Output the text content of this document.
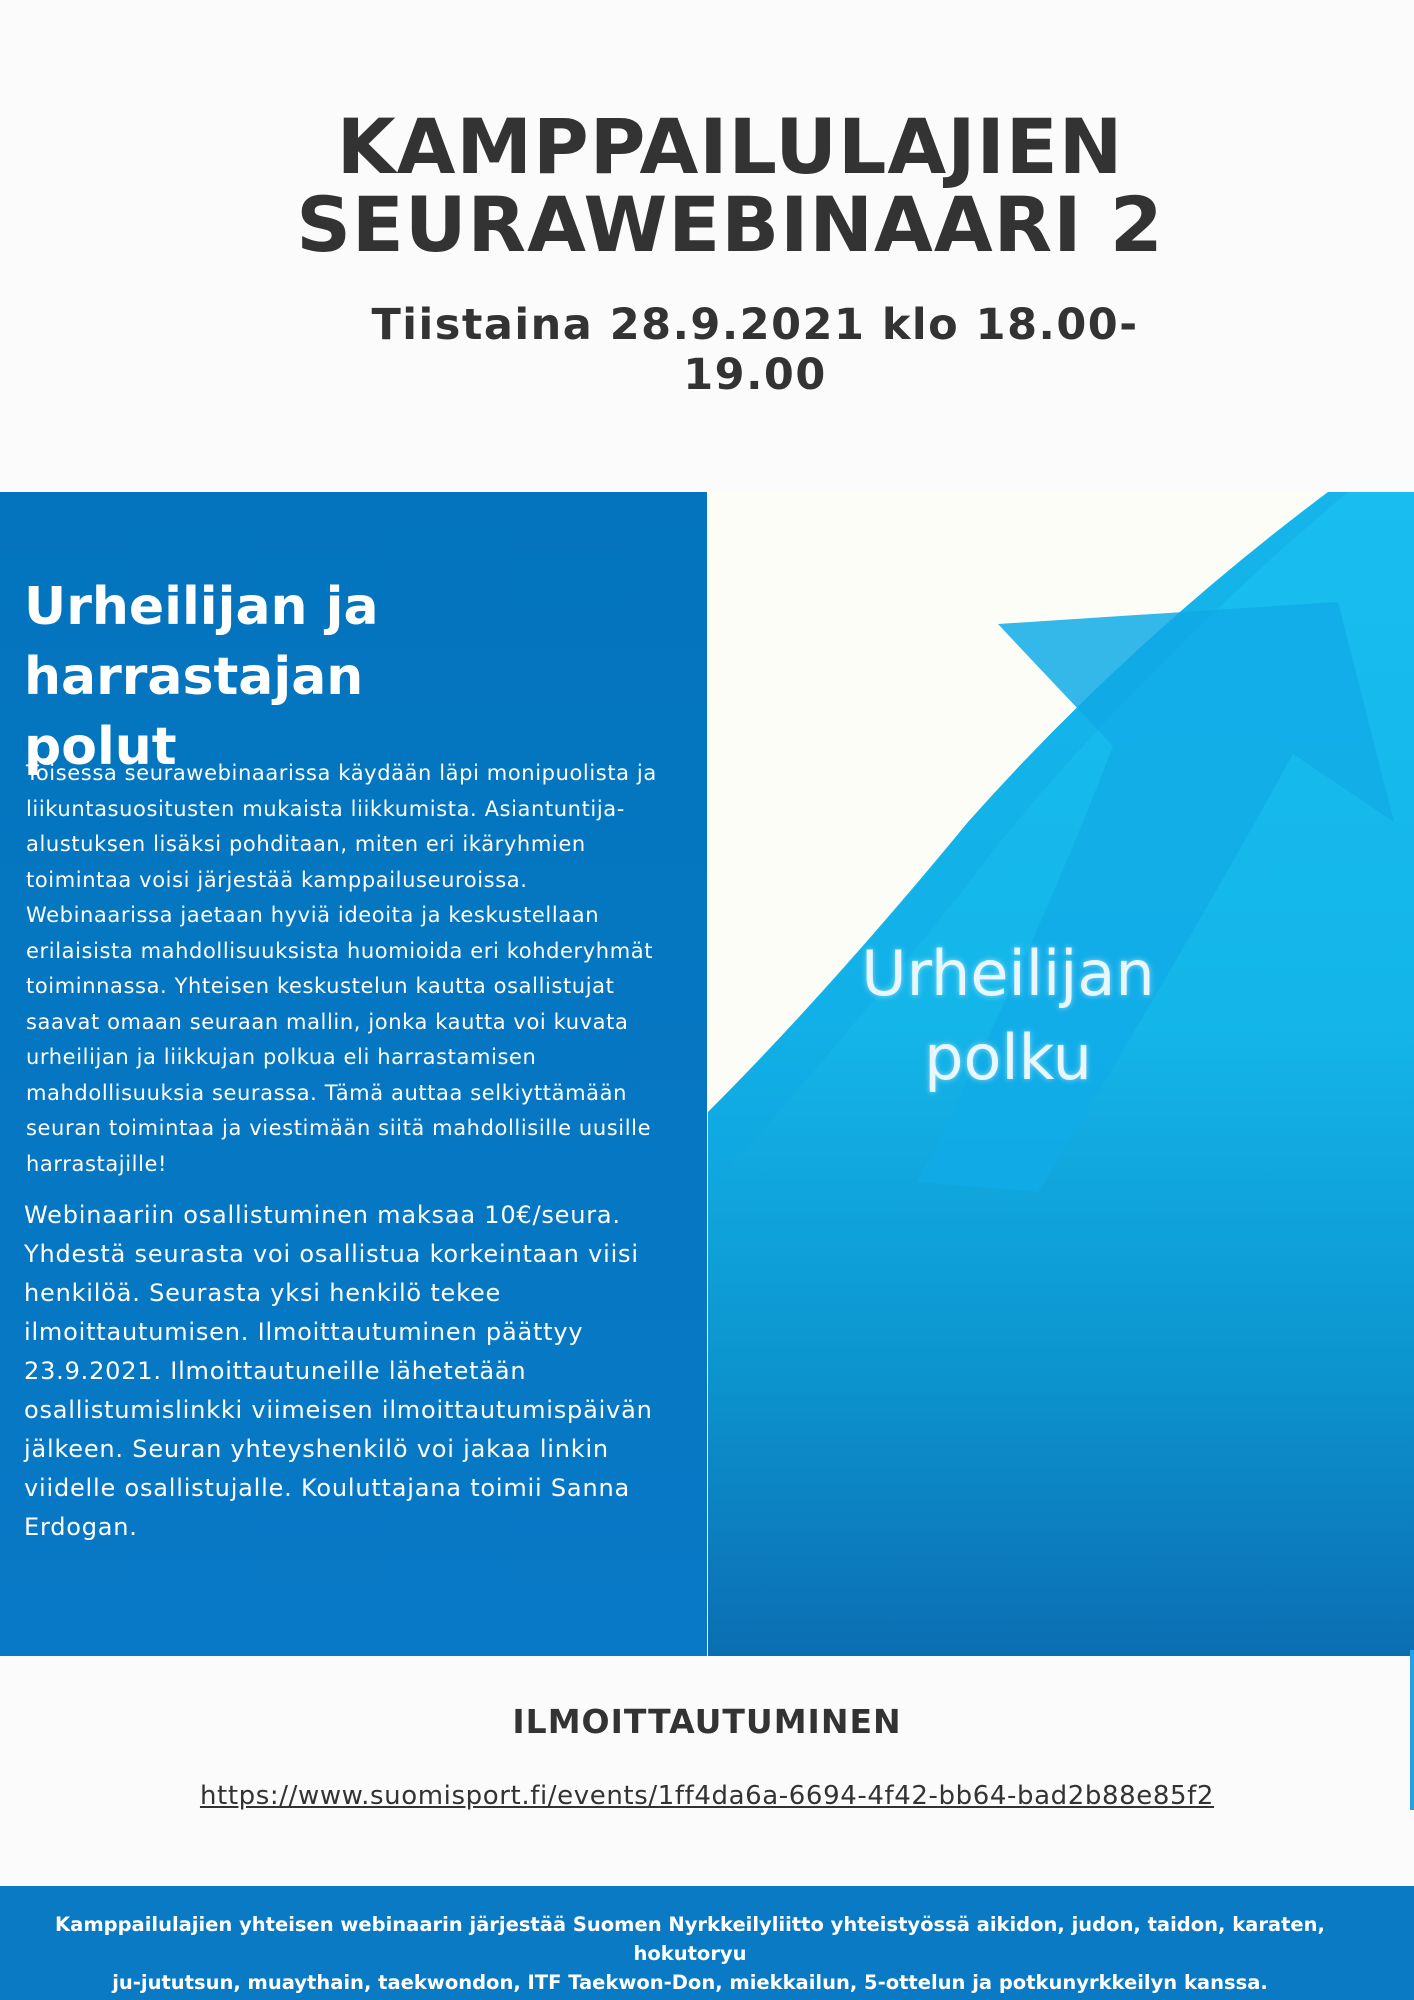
KAMPPAILULAJIEN
SEURAWEBINAARI 2

Tiistaina 28.9.2021 klo 18.00-19.00

Urheilijan ja harrastajan
polut

Toisessa seurawebinaarissa käydään läpi monipuolista ja liikuntasuositusten mukaista liikkumista. Asiantuntija-alustuksen lisäksi pohditaan, miten eri ikäryhmien toimintaa voisi järjestää kamppailuseuroissa. Webinaarissa jaetaan hyviä ideoita ja keskustellaan erilaisista mahdollisuuksista huomioida eri kohderyhmät toiminnassa. Yhteisen keskustelun kautta osallistujat saavat omaan seuraan mallin, jonka kautta voi kuvata urheilijan ja liikkujan polkua eli harrastamisen mahdollisuuksia seurassa. Tämä auttaa selkiyttämään seuran toimintaa ja viestimään siitä mahdollisille uusille harrastajille!

Webinaariin osallistuminen maksaa 10€/seura. Yhdestä seurasta voi osallistua korkeintaan viisi henkilöä. Seurasta yksi henkilö tekee ilmoittautumisen. Ilmoittautuminen päättyy 23.9.2021. Ilmoittautuneille lähetetään osallistumislinkki viimeisen ilmoittautumispäivän jälkeen. Seuran yhteyshenkilö voi jakaa linkin viidelle osallistujalle. Kouluttajana toimii Sanna Erdogan.

Urheilijan
polku
ILMOITTAUTUMINEN
https://www.suomisport.fi/events/1ff4da6a-6694-4f42-bb64-bad2b88e85f2

Kamppailulajien yhteisen webinaarin järjestää Suomen Nyrkkeilyliitto yhteistyössä aikidon, judon, taidon, karaten, hokutoryu
ju-jututsun, muaythain, taekwondon, ITF Taekwon-Don, miekkailun, 5-ottelun ja potkunyrkkeilyn kanssa.
